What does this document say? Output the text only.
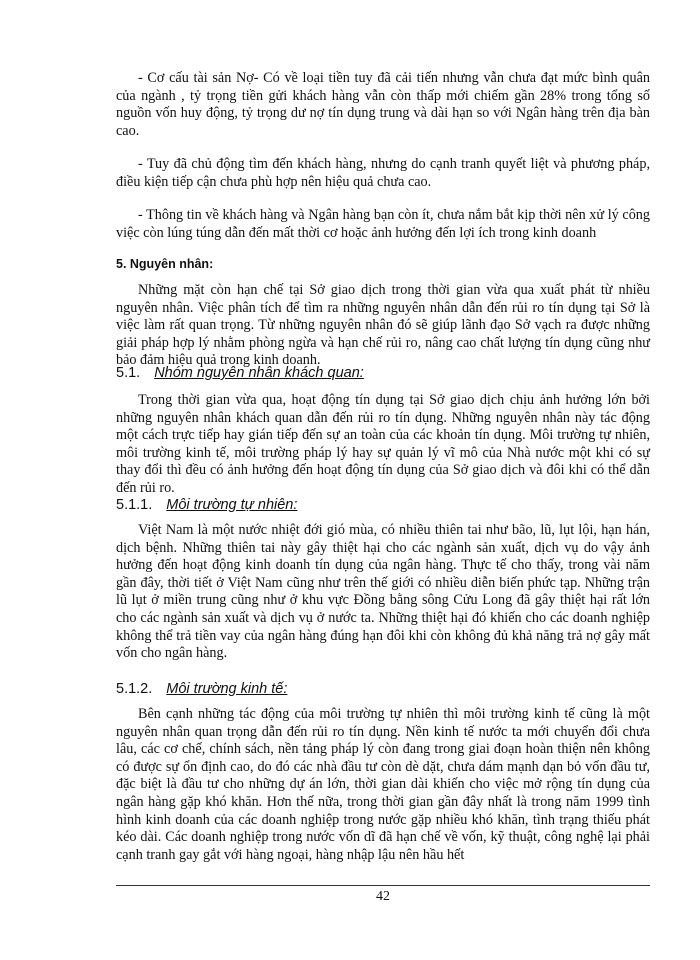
- Cơ cấu tài sản Nợ- Có về loại tiền tuy đã cải tiến nhưng vẫn chưa đạt mức bình quân của ngành , tỷ trọng tiền gửi khách hàng vẫn còn thấp mới chiếm gần 28% trong tổng số nguồn vốn huy động, tỷ trọng dư nợ tín dụng trung và dài hạn so với Ngân hàng trên địa bàn cao.

- Tuy đã chủ động tìm đến khách hàng, nhưng do cạnh tranh quyết liệt và phương pháp, điều kiện tiếp cận chưa phù hợp nên hiệu quả chưa cao.

- Thông tin về khách hàng và Ngân hàng bạn còn ít, chưa nắm bắt kịp thời nên xử lý công việc còn lúng túng dẫn đến mất thời cơ hoặc ảnh hưởng đến lợi ích trong kinh doanh

5. Nguyên nhân:

Những mặt còn hạn chế tại Sở giao dịch trong thời gian vừa qua xuất phát từ nhiều nguyên nhân. Việc phân tích để tìm ra những nguyên nhân dẫn đến rủi ro tín dụng tại Sở là việc làm rất quan trọng. Từ những nguyên nhân đó sẽ giúp lãnh đạo Sở vạch ra được những giải pháp hợp lý nhằm phòng ngừa và hạn chế rủi ro, nâng cao chất lượng tín dụng cũng như bảo đảm hiệu quả trong kinh doanh.

5.1. Nhóm nguyên nhân khách quan:

Trong thời gian vừa qua, hoạt động tín dụng tại Sở giao dịch chịu ảnh hưởng lớn bởi những nguyên nhân khách quan dẫn đến rủi ro tín dụng. Những nguyên nhân này tác động một cách trực tiếp hay gián tiếp đến sự an toàn của các khoản tín dụng. Môi trường tự nhiên, môi trường kinh tế, môi trường pháp lý hay sự quản lý vĩ mô của Nhà nước một khi có sự thay đổi thì đều có ảnh hưởng đến hoạt động tín dụng của Sở giao dịch và đôi khi có thể dẫn đến rủi ro.

5.1.1. Môi trường tự nhiên:

Việt Nam là một nước nhiệt đới gió mùa, có nhiều thiên tai như bão, lũ, lụt lội, hạn hán, dịch bệnh. Những thiên tai này gây thiệt hại cho các ngành sản xuất, dịch vụ do vậy ảnh hưởng đến hoạt động kinh doanh tín dụng của ngân hàng. Thực tế cho thấy, trong vài năm gần đây, thời tiết ở Việt Nam cũng như trên thế giới có nhiều diễn biến phức tạp. Những trận lũ lụt ở miền trung cũng như ở khu vực Đồng bằng sông Cửu Long đã gây thiệt hại rất lớn cho các ngành sản xuất và dịch vụ ở nước ta. Những thiệt hại đó khiến cho các doanh nghiệp không thể trả tiền vay của ngân hàng đúng hạn đôi khi còn không đủ khả năng trả nợ gây mất vốn cho ngân hàng.

5.1.2. Môi trường kinh tế:

Bên cạnh những tác động của môi trường tự nhiên thì môi trường kinh tế cũng là một nguyên nhân quan trọng dẫn đến rủi ro tín dụng. Nền kinh tế nước ta mới chuyển đổi chưa lâu, các cơ chế, chính sách, nền tảng pháp lý còn đang trong giai đoạn hoàn thiện nên không có được sự ổn định cao, do đó các nhà đầu tư còn dè dặt, chưa dám mạnh dạn bỏ vốn đầu tư, đặc biệt là đầu tư cho những dự án lớn, thời gian dài khiến cho việc mở rộng tín dụng của ngân hàng gặp khó khăn. Hơn thế nữa, trong thời gian gần đây nhất là trong năm 1999 tình hình kinh doanh của các doanh nghiệp trong nước gặp nhiều khó khăn, tình trạng thiếu phát kéo dài. Các doanh nghiệp trong nước vốn dĩ đã hạn chế về vốn, kỹ thuật, công nghệ lại phải cạnh tranh gay gắt với hàng ngoại, hàng nhập lậu nên hầu hết

42
